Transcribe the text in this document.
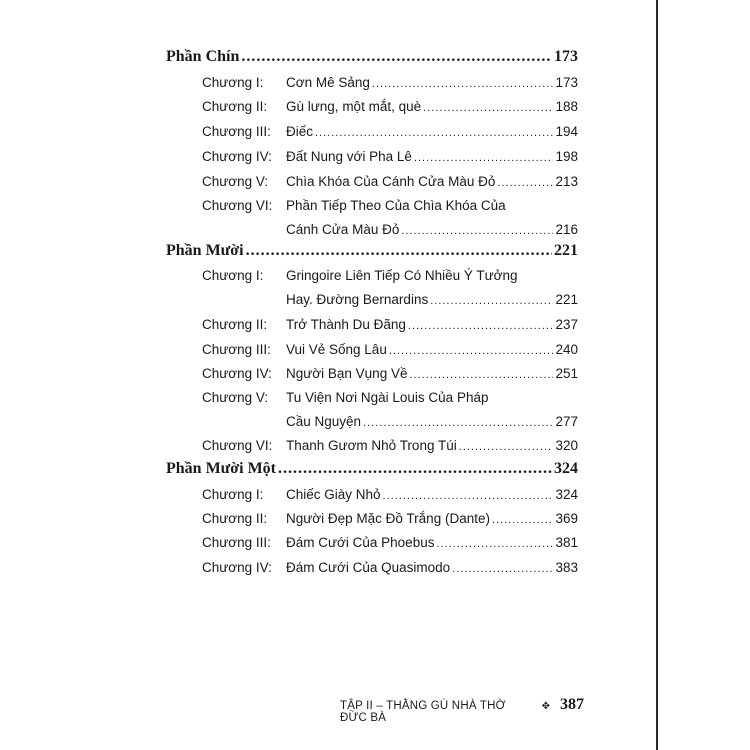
Phần Chín .....	173
Chương I: Cơn Mê Sảng .....	173
Chương II: Gù lưng, một mắt, què .....	188
Chương III: Điếc .....	194
Chương IV: Đất Nung với Pha Lê .....	198
Chương V: Chìa Khóa Của Cánh Cửa Màu Đỏ .....	213
Chương VI: Phần Tiếp Theo Của Chìa Khóa Của
Cánh Cửa Màu Đỏ .....	216
Phần Mười .....	221
Chương I: Gringoire Liên Tiếp Có Nhiều Ý Tưởng
Hay. Đường Bernardins .....	221
Chương II: Trở Thành Du Đãng .....	237
Chương III: Vui Vẻ Sống Lâu .....	240
Chương IV: Người Bạn Vụng Về .....	251
Chương V: Tu Viện Nơi Ngài Louis Của Pháp
Cầu Nguyện .....	277
Chương VI: Thanh Gươm Nhỏ Trong Túi .....	320
Phần Mười Một .....	324
Chương I: Chiếc Giày Nhỏ .....	324
Chương II: Người Đẹp Mặc Đồ Trắng (Dante) .....	369
Chương III: Đám Cưới Của Phoebus .....	381
Chương IV: Đám Cưới Của Quasimodo .....	383
TẬP II – THẰNG GÙ NHÀ THỜ ĐỨC BÀ
✥ 387
